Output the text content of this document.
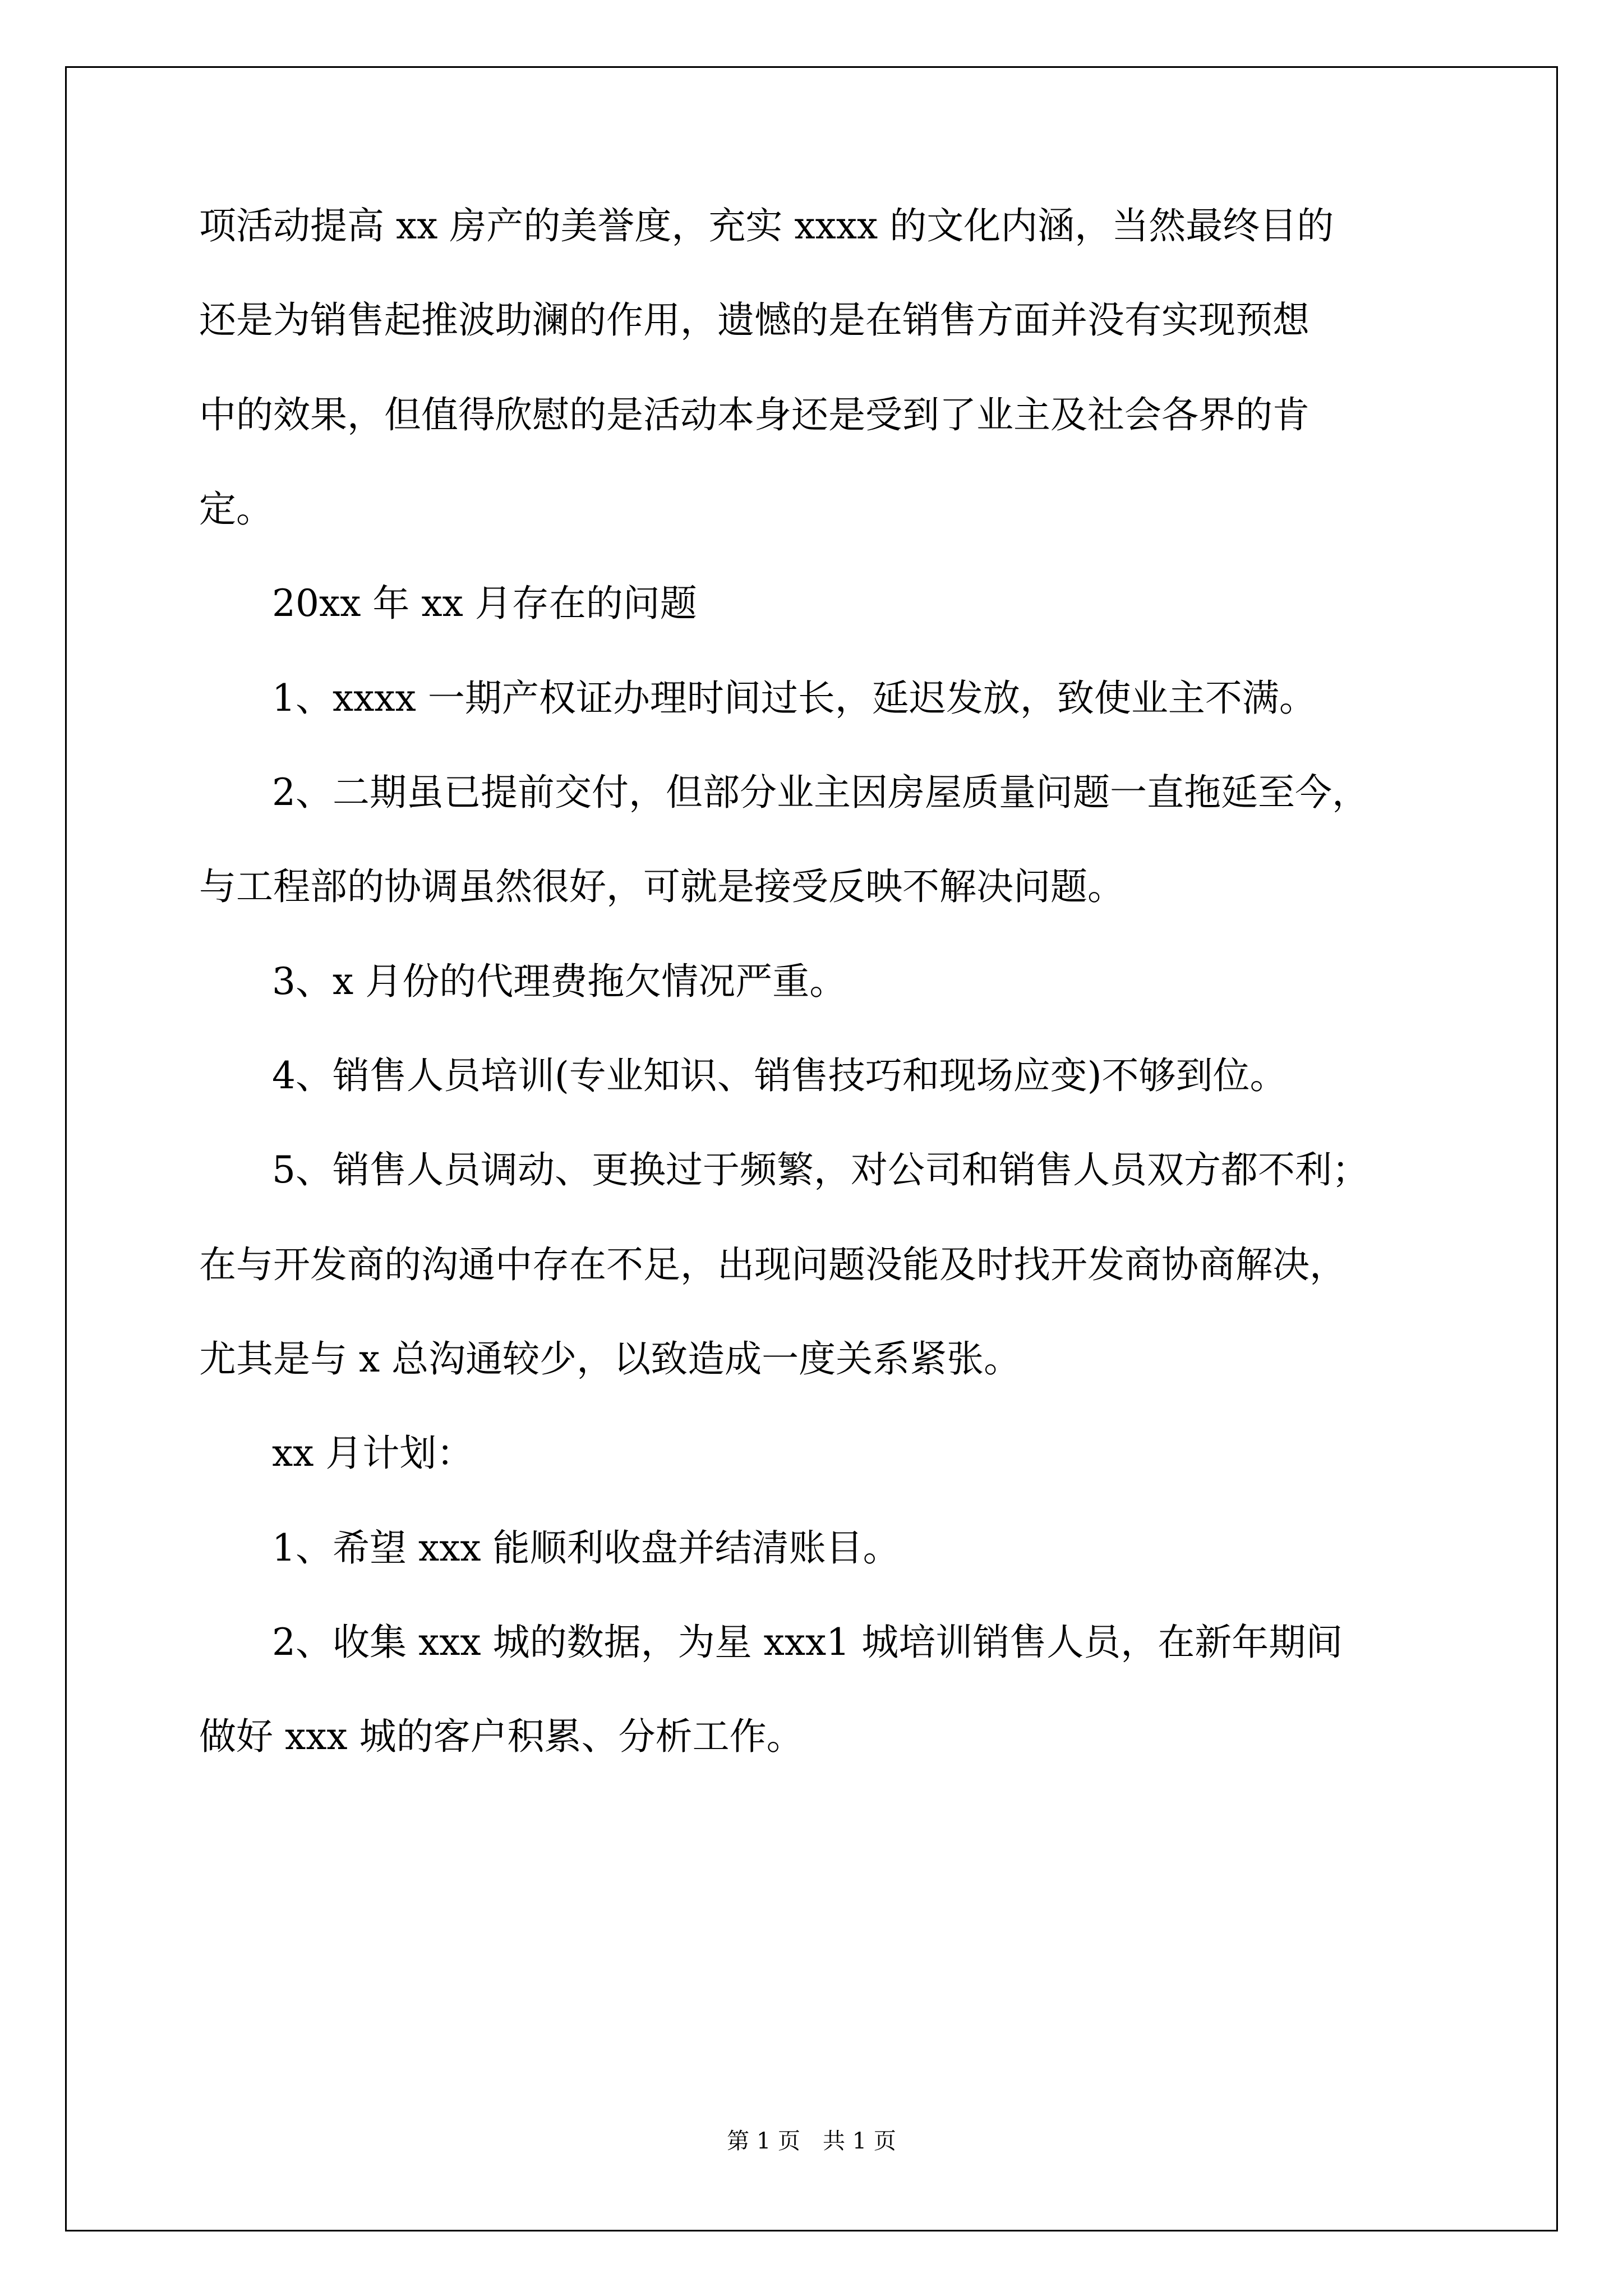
项活动提高 xx 房产的美誉度，充实 xxxx 的文化内涵，当然最终目的
还是为销售起推波助澜的作用，遗憾的是在销售方面并没有实现预想
中的效果，但值得欣慰的是活动本身还是受到了业主及社会各界的肯
定。
20xx 年 xx 月存在的问题
1、xxxx 一期产权证办理时间过长，延迟发放，致使业主不满。
2、二期虽已提前交付，但部分业主因房屋质量问题一直拖延至今，
与工程部的协调虽然很好，可就是接受反映不解决问题。
3、x 月份的代理费拖欠情况严重。
4、销售人员培训(专业知识、销售技巧和现场应变)不够到位。
5、销售人员调动、更换过于频繁，对公司和销售人员双方都不利；
在与开发商的沟通中存在不足，出现问题没能及时找开发商协商解决，
尤其是与 x 总沟通较少，以致造成一度关系紧张。
xx 月计划：
1、希望 xxx 能顺利收盘并结清账目。
2、收集 xxx 城的数据，为星 xxx1 城培训销售人员，在新年期间
做好 xxx 城的客户积累、分析工作。
第 1 页　共 1 页
